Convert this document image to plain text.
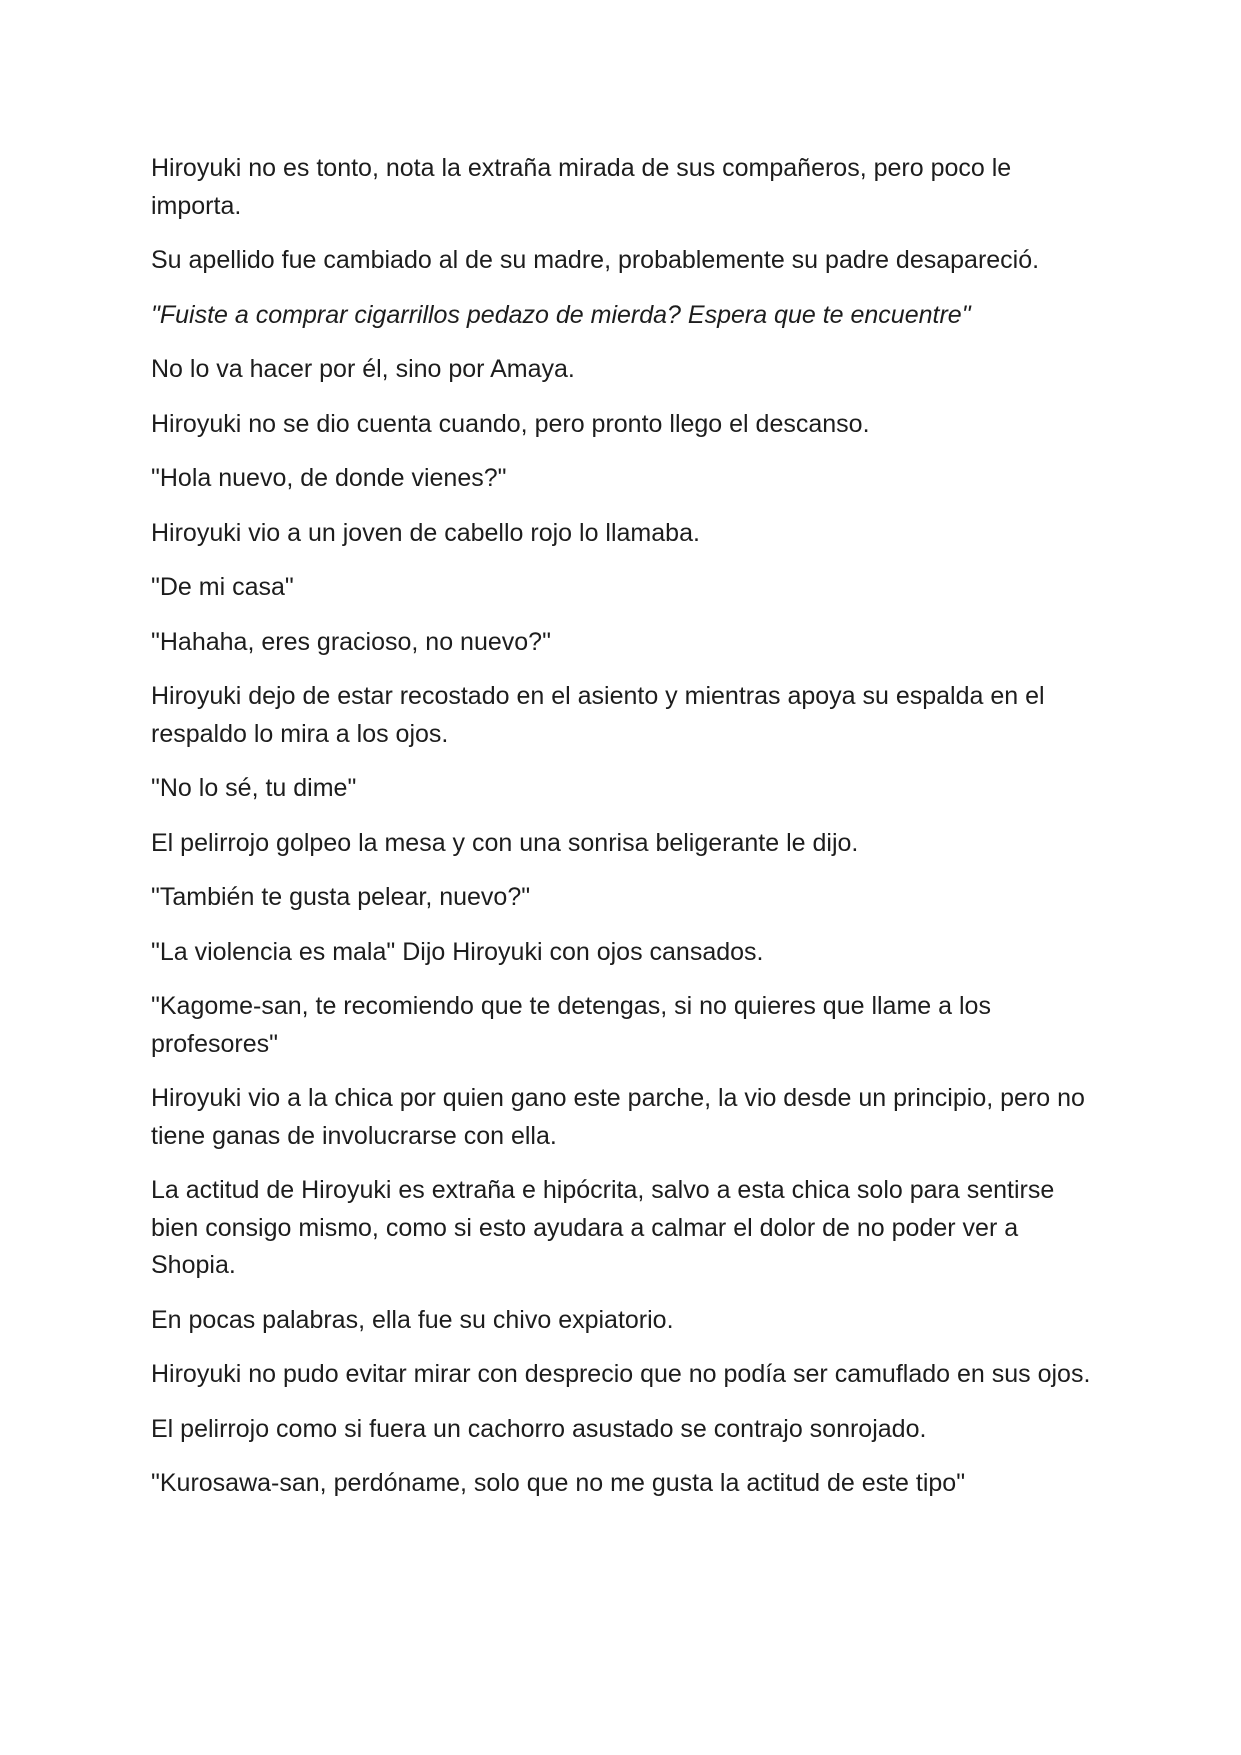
Hiroyuki no es tonto, nota la extraña mirada de sus compañeros, pero poco le importa.

Su apellido fue cambiado al de su madre, probablemente su padre desapareció.

"Fuiste a comprar cigarrillos pedazo de mierda? Espera que te encuentre"

No lo va hacer por él, sino por Amaya.

Hiroyuki no se dio cuenta cuando, pero pronto llego el descanso.

"Hola nuevo, de donde vienes?"

Hiroyuki vio a un joven de cabello rojo lo llamaba.

"De mi casa"

"Hahaha, eres gracioso, no nuevo?"

Hiroyuki dejo de estar recostado en el asiento y mientras apoya su espalda en el respaldo lo mira a los ojos.

"No lo sé, tu dime"

El pelirrojo golpeo la mesa y con una sonrisa beligerante le dijo.

"También te gusta pelear, nuevo?"

"La violencia es mala" Dijo Hiroyuki con ojos cansados.

"Kagome-san, te recomiendo que te detengas, si no quieres que llame a los profesores"

Hiroyuki vio a la chica por quien gano este parche, la vio desde un principio, pero no tiene ganas de involucrarse con ella.

La actitud de Hiroyuki es extraña e hipócrita, salvo a esta chica solo para sentirse bien consigo mismo, como si esto ayudara a calmar el dolor de no poder ver a Shopia.

En pocas palabras, ella fue su chivo expiatorio.

Hiroyuki no pudo evitar mirar con desprecio que no podía ser camuflado en sus ojos.

El pelirrojo como si fuera un cachorro asustado se contrajo sonrojado.

"Kurosawa-san, perdóname, solo que no me gusta la actitud de este tipo"
